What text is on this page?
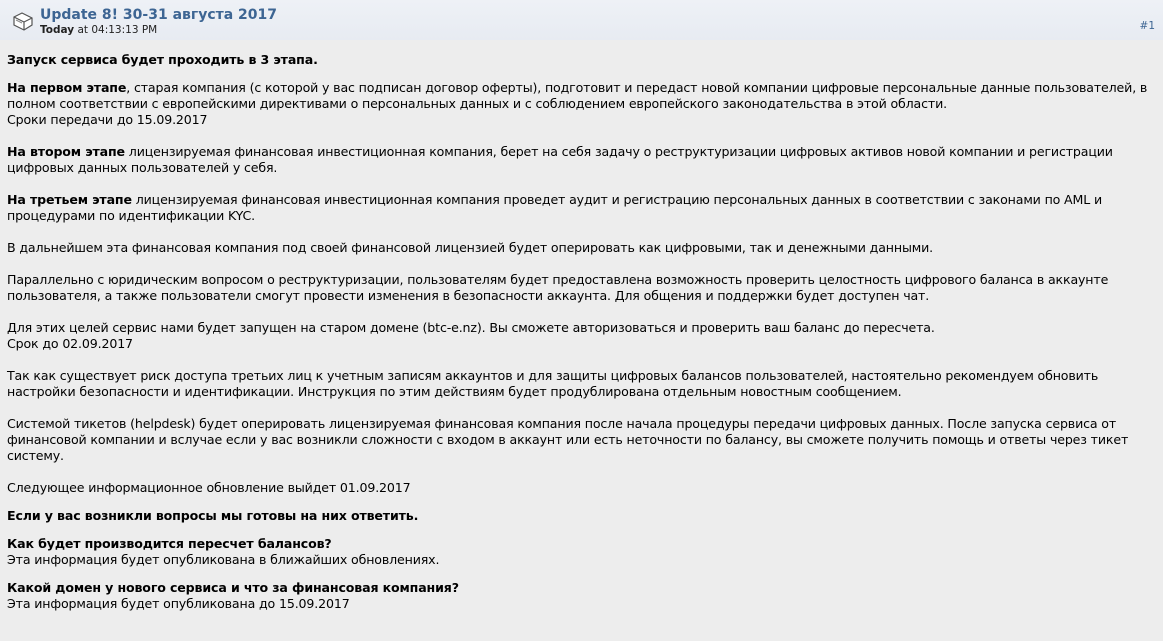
Update 8! 30-31 августа 2017
Today at 04:13:13 PM	#1

Запуск сервиса будет проходить в 3 этапа.

На первом этапе, старая компания (с которой у вас подписан договор оферты), подготовит и передаст новой компании цифровые персональные данные пользователей, в полном соответствии с европейскими директивами о персональных данных и с соблюдением европейского законодательства в этой области.
Сроки передачи до 15.09.2017

На втором этапе лицензируемая финансовая инвестиционная компания, берет на себя задачу о реструктуризации цифровых активов новой компании и регистрации цифровых данных пользователей у себя.

На третьем этапе лицензируемая финансовая инвестиционная компания проведет аудит и регистрацию персональных данных в соответствии с законами по AML и процедурами по идентификации KYC.

В дальнейшем эта финансовая компания под своей финансовой лицензией будет оперировать как цифровыми, так и денежными данными.

Параллельно с юридическим вопросом о реструктуризации, пользователям будет предоставлена возможность проверить целостность цифрового баланса в аккаунте пользователя, а также пользователи смогут провести изменения в безопасности аккаунта. Для общения и поддержки будет доступен чат.

Для этих целей сервис нами будет запущен на старом домене (btc-e.nz). Вы сможете авторизоваться и проверить ваш баланс до пересчета.
Срок до 02.09.2017

Так как существует риск доступа третьих лиц к учетным записям аккаунтов и для защиты цифровых балансов пользователей, настоятельно рекомендуем обновить настройки безопасности и идентификации. Инструкция по этим действиям будет продублирована отдельным новостным сообщением.

Системой тикетов (helpdesk) будет оперировать лицензируемая финансовая компания после начала процедуры передачи цифровых данных. После запуска сервиса от финансовой компании и вслучае если у вас возникли сложности с входом в аккаунт или есть неточности по балансу, вы сможете получить помощь и ответы через тикет систему.

Следующее информационное обновление выйдет 01.09.2017

Если у вас возникли вопросы мы готовы на них ответить.

Как будет производится пересчет балансов?
Эта информация будет опубликована в ближайших обновлениях.

Какой домен у нового сервиса и что за финансовая компания?
Эта информация будет опубликована до 15.09.2017
